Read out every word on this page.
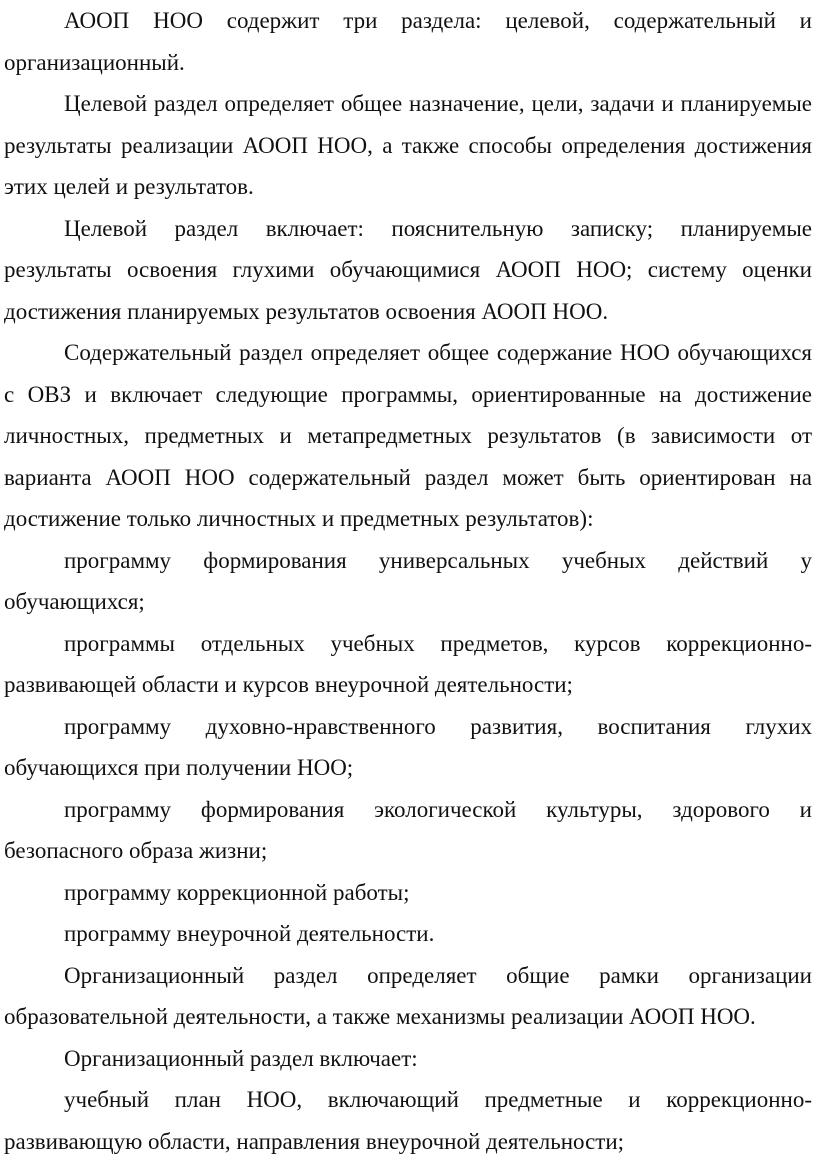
АООП НОО содержит три раздела: целевой, содержательный и организационный.

Целевой раздел определяет общее назначение, цели, задачи и планируемые результаты реализации АООП НОО, а также способы определения достижения этих целей и результатов.

Целевой раздел включает: пояснительную записку; планируемые результаты освоения глухими обучающимися АООП НОО; систему оценки достижения планируемых результатов освоения АООП НОО.

Содержательный раздел определяет общее содержание НОО обучающихся с ОВЗ и включает следующие программы, ориентированные на достижение личностных, предметных и метапредметных результатов (в зависимости от варианта АООП НОО содержательный раздел может быть ориентирован на достижение только личностных и предметных результатов):

программу формирования универсальных учебных действий у обучающихся;

программы отдельных учебных предметов, курсов коррекционно-развивающей области и курсов внеурочной деятельности;

программу духовно-нравственного развития, воспитания глухих обучающихся при получении НОО;

программу формирования экологической культуры, здорового и безопасного образа жизни;

программу коррекционной работы;

программу внеурочной деятельности.

Организационный раздел определяет общие рамки организации образовательной деятельности, а также механизмы реализации АООП НОО.

Организационный раздел включает:

учебный план НОО, включающий предметные и коррекционно-развивающую области, направления внеурочной деятельности;
